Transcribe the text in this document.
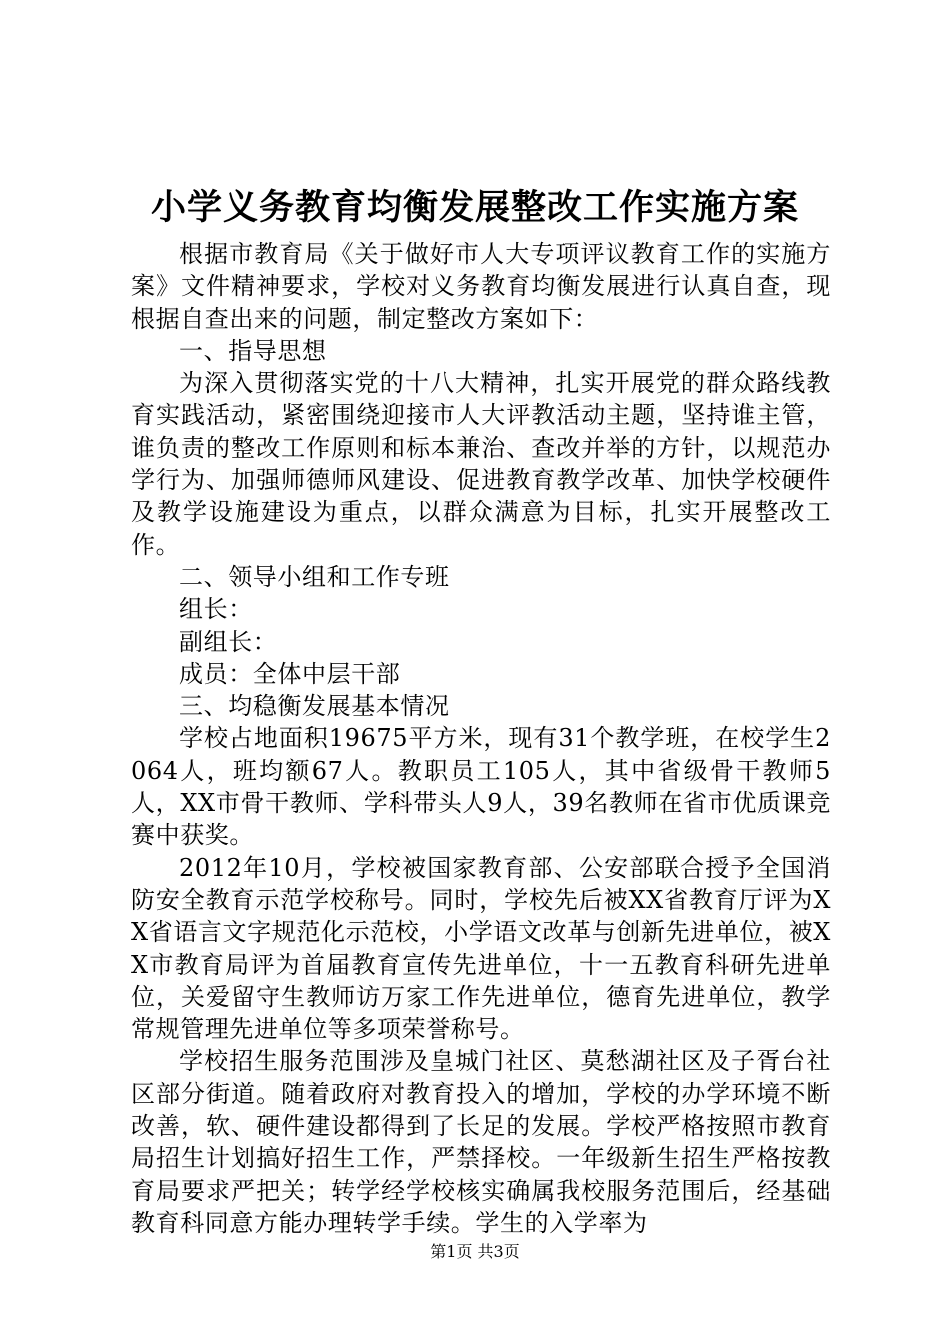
小学义务教育均衡发展整改工作实施方案

根据市教育局《关于做好市人大专项评议教育工作的实施方案》文件精神要求，学校对义务教育均衡发展进行认真自查，现根据自查出来的问题，制定整改方案如下：

一、指导思想

为深入贯彻落实党的十八大精神，扎实开展党的群众路线教育实践活动，紧密围绕迎接市人大评教活动主题，坚持谁主管，谁负责的整改工作原则和标本兼治、查改并举的方针，以规范办学行为、加强师德师风建设、促进教育教学改革、加快学校硬件及教学设施建设为重点，以群众满意为目标，扎实开展整改工作。

二、领导小组和工作专班

组长：

副组长：

成员：全体中层干部

三、均稳衡发展基本情况

学校占地面积19675平方米，现有31个教学班，在校学生2064人，班均额67人。教职员工105人，其中省级骨干教师5人，XX市骨干教师、学科带头人9人，39名教师在省市优质课竞赛中获奖。

2012年10月，学校被国家教育部、公安部联合授予全国消防安全教育示范学校称号。同时，学校先后被XX省教育厅评为XX省语言文字规范化示范校，小学语文改革与创新先进单位，被XX市教育局评为首届教育宣传先进单位，十一五教育科研先进单位，关爱留守生教师访万家工作先进单位，德育先进单位，教学常规管理先进单位等多项荣誉称号。

学校招生服务范围涉及皇城门社区、莫愁湖社区及子胥台社区部分街道。随着政府对教育投入的增加，学校的办学环境不断改善，软、硬件建设都得到了长足的发展。学校严格按照市教育局招生计划搞好招生工作，严禁择校。一年级新生招生严格按教育局要求严把关；转学经学校核实确属我校服务范围后，经基础教育科同意方能办理转学手续。学生的入学率为

第1页 共3页
